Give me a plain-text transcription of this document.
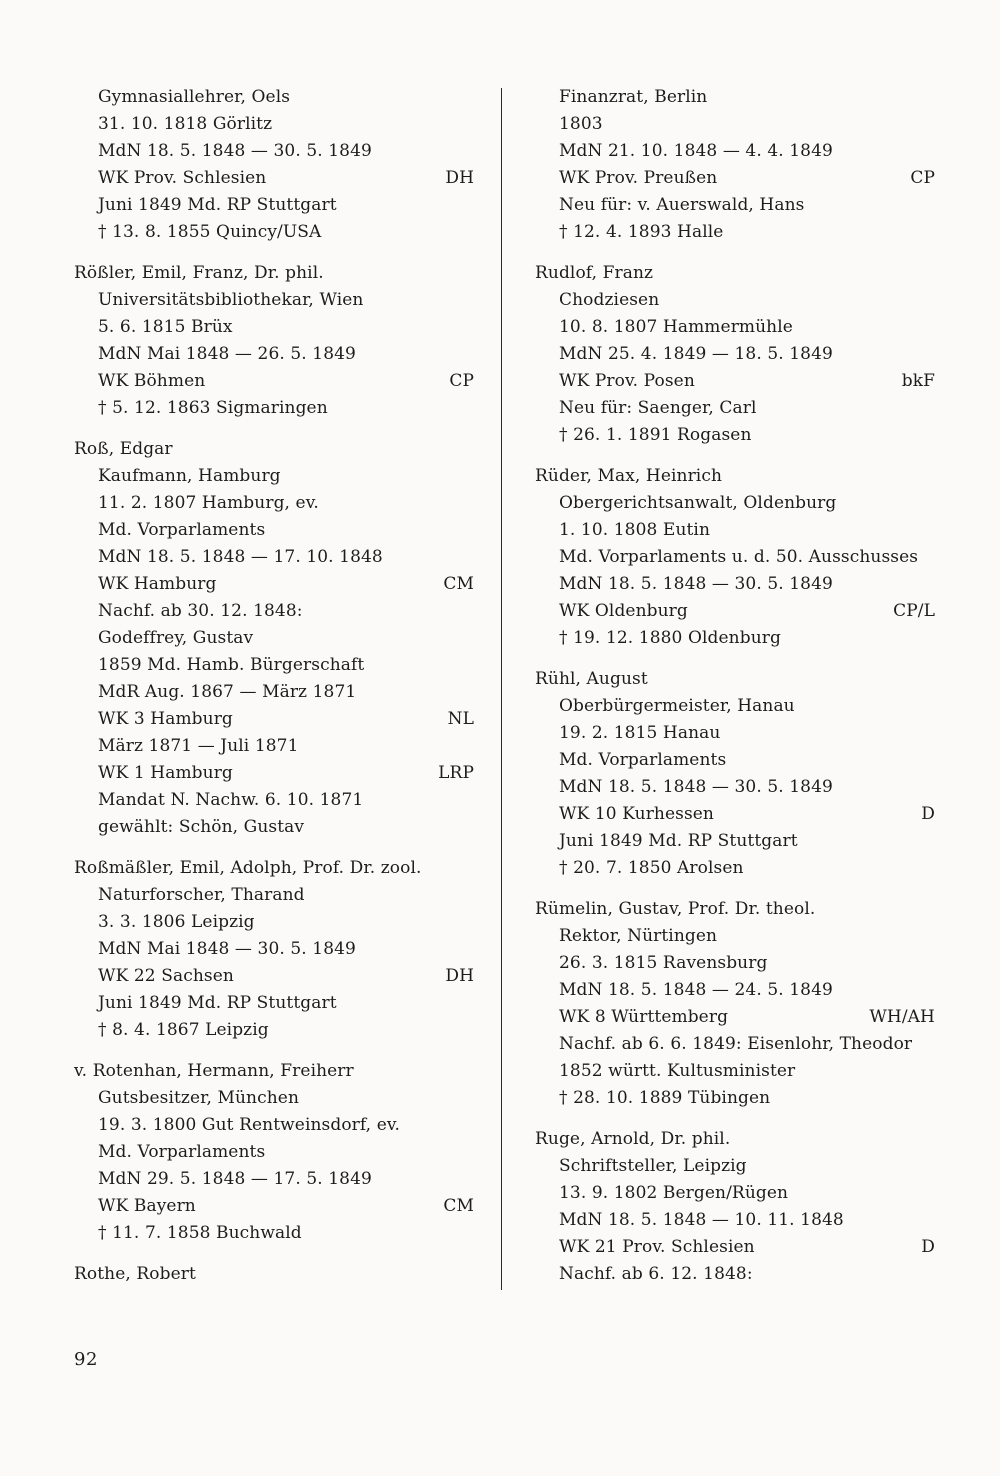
Gymnasiallehrer, Oels
31. 10. 1818 Görlitz
MdN 18. 5. 1848 — 30. 5. 1849
WK Prov. Schlesien	DH
Juni 1849 Md. RP Stuttgart
† 13. 8. 1855 Quincy/USA
Rößler, Emil, Franz, Dr. phil.
Universitätsbibliothekar, Wien
5. 6. 1815 Brüx
MdN Mai 1848 — 26. 5. 1849
WK Böhmen	CP
† 5. 12. 1863 Sigmaringen
Roß, Edgar
Kaufmann, Hamburg
11. 2. 1807 Hamburg, ev.
Md. Vorparlaments
MdN 18. 5. 1848 — 17. 10. 1848
WK Hamburg	CM
Nachf. ab 30. 12. 1848:
Godeffrey, Gustav
1859 Md. Hamb. Bürgerschaft
MdR Aug. 1867 — März 1871
WK 3 Hamburg	NL
März 1871 — Juli 1871
WK 1 Hamburg	LRP
Mandat N. Nachw. 6. 10. 1871
gewählt: Schön, Gustav
Roßmäßler, Emil, Adolph, Prof. Dr. zool.
Naturforscher, Tharand
3. 3. 1806 Leipzig
MdN Mai 1848 — 30. 5. 1849
WK 22 Sachsen	DH
Juni 1849 Md. RP Stuttgart
† 8. 4. 1867 Leipzig
v. Rotenhan, Hermann, Freiherr
Gutsbesitzer, München
19. 3. 1800 Gut Rentweinsdorf, ev.
Md. Vorparlaments
MdN 29. 5. 1848 — 17. 5. 1849
WK Bayern	CM
† 11. 7. 1858 Buchwald
Rothe, Robert
Finanzrat, Berlin
1803
MdN 21. 10. 1848 — 4. 4. 1849
WK Prov. Preußen	CP
Neu für: v. Auerswald, Hans
† 12. 4. 1893 Halle
Rudlof, Franz
Chodziesen
10. 8. 1807 Hammermühle
MdN 25. 4. 1849 — 18. 5. 1849
WK Prov. Posen	bkF
Neu für: Saenger, Carl
† 26. 1. 1891 Rogasen
Rüder, Max, Heinrich
Obergerichtsanwalt, Oldenburg
1. 10. 1808 Eutin
Md. Vorparlaments u. d. 50. Ausschusses
MdN 18. 5. 1848 — 30. 5. 1849
WK Oldenburg	CP/L
† 19. 12. 1880 Oldenburg
Rühl, August
Oberbürgermeister, Hanau
19. 2. 1815 Hanau
Md. Vorparlaments
MdN 18. 5. 1848 — 30. 5. 1849
WK 10 Kurhessen	D
Juni 1849 Md. RP Stuttgart
† 20. 7. 1850 Arolsen
Rümelin, Gustav, Prof. Dr. theol.
Rektor, Nürtingen
26. 3. 1815 Ravensburg
MdN 18. 5. 1848 — 24. 5. 1849
WK 8 Württemberg	WH/AH
Nachf. ab 6. 6. 1849: Eisenlohr, Theodor
1852 württ. Kultusminister
† 28. 10. 1889 Tübingen
Ruge, Arnold, Dr. phil.
Schriftsteller, Leipzig
13. 9. 1802 Bergen/Rügen
MdN 18. 5. 1848 — 10. 11. 1848
WK 21 Prov. Schlesien	D
Nachf. ab 6. 12. 1848:
92
